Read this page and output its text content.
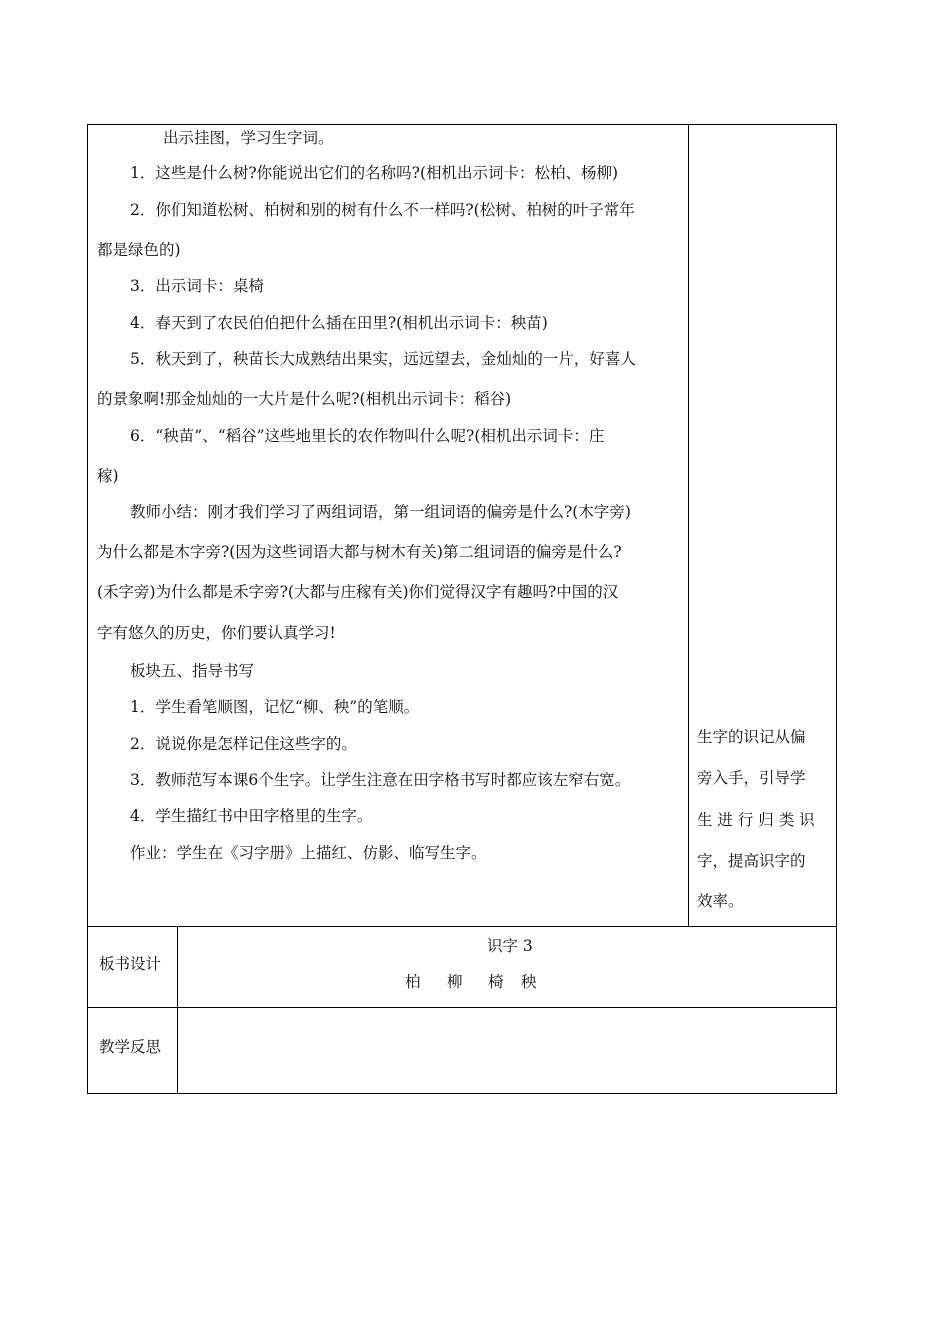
出示挂图，学习生字词。
1．这些是什么树?你能说出它们的名称吗?(相机出示词卡：松柏、杨柳)
2．你们知道松树、柏树和别的树有什么不一样吗?(松树、柏树的叶子常年
都是绿色的)
3．出示词卡：桌椅
4．春天到了农民伯伯把什么插在田里?(相机出示词卡：秧苗)
5．秋天到了，秧苗长大成熟结出果实，远远望去，金灿灿的一片，好喜人
的景象啊!那金灿灿的一大片是什么呢?(相机出示词卡：稻谷)
6．“秧苗”、“稻谷”这些地里长的农作物叫什么呢?(相机出示词卡：庄
稼)
教师小结：刚才我们学习了两组词语，第一组词语的偏旁是什么?(木字旁)
为什么都是木字旁?(因为这些词语大都与树木有关)第二组词语的偏旁是什么?
(禾字旁)为什么都是禾字旁?(大都与庄稼有关)你们觉得汉字有趣吗?中国的汉
字有悠久的历史，你们要认真学习!
板块五、指导书写
1．学生看笔顺图，记忆“柳、秧”的笔顺。
2．说说你是怎样记住这些字的。
3．教师范写本课6个生字。让学生注意在田字格书写时都应该左窄右宽。
4．学生描红书中田字格里的生字。
作业：学生在《习字册》上描红、仿影、临写生字。
生字的识记从偏
旁入手，引导学
生 进 行 归 类 识
字，提高识字的
效率。
板书设计
识字 3
柏 柳 椅 秧
教学反思
